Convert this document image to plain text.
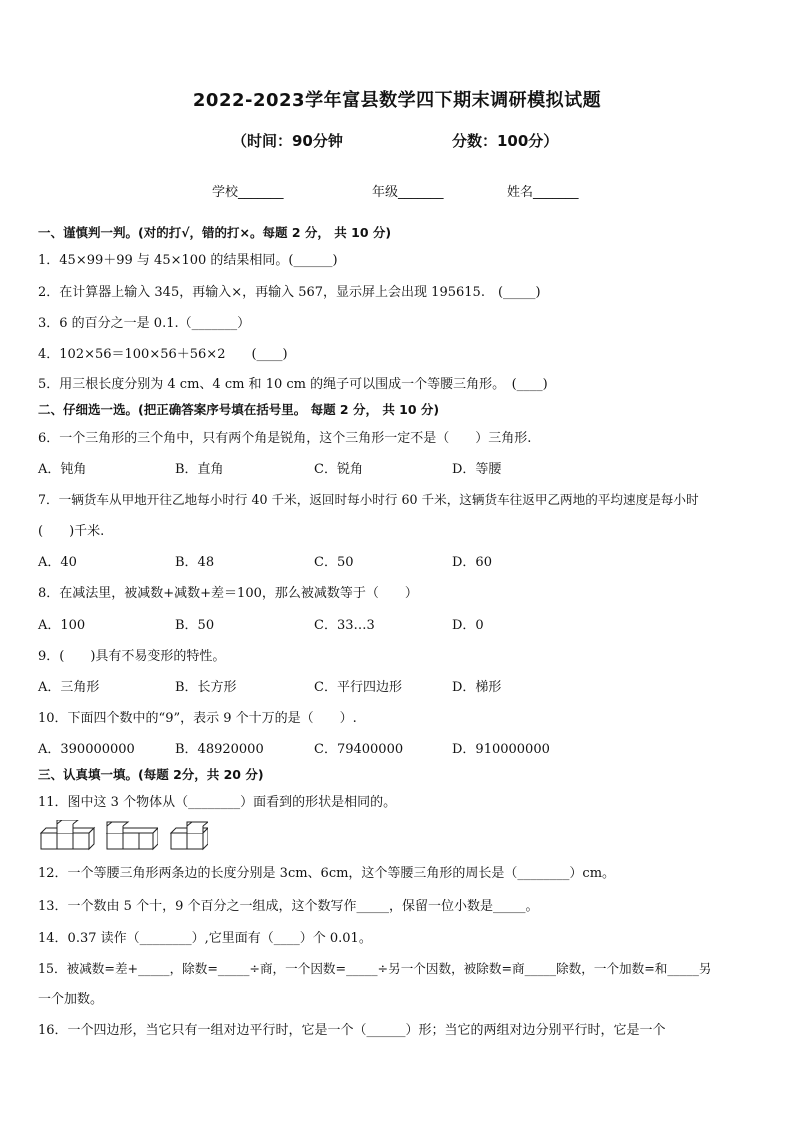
2022-2023学年富县数学四下期末调研模拟试题
（时间：90分钟	分数：100分）
学校_______	年级_______	姓名_______
一、谨慎判一判。(对的打√，错的打×。每题 2 分， 共 10 分)
1．45×99＋99 与 45×100 的结果相同。(______)
2．在计算器上输入 345，再输入×，再输入 567，显示屏上会出现 195615.　(_____)
3．6 的百分之一是 0.1.（_______）
4．102×56＝100×56＋56×2　　(____)
5．用三根长度分别为 4 cm、4 cm 和 10 cm 的绳子可以围成一个等腰三角形。　(____)
二、仔细选一选。(把正确答案序号填在括号里。 每题 2 分， 共 10 分)
6．一个三角形的三个角中，只有两个角是锐角，这个三角形一定不是（　　）三角形.
A．钝角	B．直角	C．锐角	D．等腰
7．一辆货车从甲地开往乙地每小时行 40 千米，返回时每小时行 60 千米，这辆货车往返甲乙两地的平均速度是每小时
(　　)千米.
A．40	B．48	C．50	D．60
8．在减法里，被减数+减数+差＝100，那么被减数等于（　　）
A．100	B．50	C．33…3	D．0
9．(　　)具有不易变形的特性。
A．三角形	B．长方形	C．平行四边形	D．梯形
10．下面四个数中的“9”，表示 9 个十万的是（　　）.
A．390000000	B．48920000	C．79400000	D．910000000
三、认真填一填。(每题 2分，共 20 分)
11．图中这 3 个物体从（________）面看到的形状是相同的。
12．一个等腰三角形两条边的长度分别是 3cm、6cm，这个等腰三角形的周长是（________）cm。
13．一个数由 5 个十，9 个百分之一组成，这个数写作_____，保留一位小数是_____。
14．0.37 读作（________）,它里面有（____）个 0.01。
15．被减数=差+_____，除数=_____÷商，一个因数=_____÷另一个因数，被除数=商_____除数，一个加数=和_____另
一个加数。
16．一个四边形，当它只有一组对边平行时，它是一个（______）形；当它的两组对边分别平行时，它是一个
